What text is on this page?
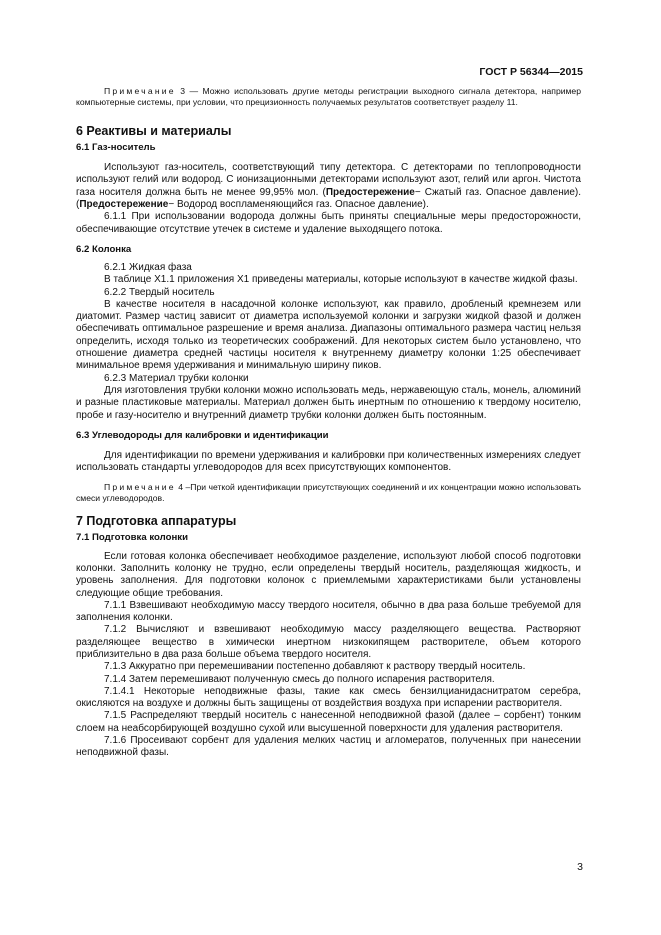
ГОСТ Р 56344—2015

Примечание 3 — Можно использовать другие методы регистрации выходного сигнала детектора, например компьютерные системы, при условии, что прецизионность получаемых результатов соответствует разделу 11.

6 Реактивы и материалы
6.1 Газ-носитель

Используют газ-носитель, соответствующий типу детектора. С детекторами по теплопроводности используют гелий или водород. С ионизационными детекторами используют азот, гелий или аргон. Чистота газа носителя должна быть не менее 99,95% мол. (Предостережение− Сжатый газ. Опасное давление). (Предостережение− Водород воспламеняющийся газ. Опасное давление).

6.1.1 При использовании водорода должны быть приняты специальные меры предосторожности, обеспечивающие отсутствие утечек в системе и удаление выходящего потока.

6.2 Колонка

6.2.1 Жидкая фаза

В таблице Х1.1 приложения Х1 приведены материалы, которые используют в качестве жидкой фазы.

6.2.2 Твердый носитель

В качестве носителя в насадочной колонке используют, как правило, дробленый кремнезем или диатомит. Размер частиц зависит от диаметра используемой колонки и загрузки жидкой фазой и должен обеспечивать оптимальное разрешение и время анализа. Диапазоны оптимального размера частиц нельзя определить, исходя только из теоретических соображений. Для некоторых систем было установлено, что отношение диаметра средней частицы носителя к внутреннему диаметру колонки 1:25 обеспечивает минимальное время удерживания и минимальную ширину пиков.

6.2.3 Материал трубки колонки

Для изготовления трубки колонки можно использовать медь, нержавеющую сталь, монель, алюминий и разные пластиковые материалы. Материал должен быть инертным по отношению к твердому носителю, пробе и газу-носителю и внутренний диаметр трубки колонки должен быть постоянным.

6.3 Углеводороды для калибровки и идентификации

Для идентификации по времени удерживания и калибровки при количественных измерениях следует использовать стандарты углеводородов для всех присутствующих компонентов.

Примечание 4 –При четкой идентификации присутствующих соединений и их концентрации можно использовать смеси углеводородов.

7 Подготовка аппаратуры
7.1 Подготовка колонки

Если готовая колонка обеспечивает необходимое разделение, используют любой способ подготовки колонки. Заполнить колонку не трудно, если определены твердый носитель, разделяющая жидкость, и уровень заполнения. Для подготовки колонок с приемлемыми характеристиками были установлены следующие общие требования.

7.1.1 Взвешивают необходимую массу твердого носителя, обычно в два раза больше требуемой для заполнения колонки.

7.1.2 Вычисляют и взвешивают необходимую массу разделяющего вещества. Растворяют разделяющее вещество в химически инертном низкокипящем растворителе, объем которого приблизительно в два раза больше объема твердого носителя.

7.1.3 Аккуратно при перемешивании постепенно добавляют к раствору твердый носитель.

7.1.4 Затем перемешивают полученную смесь до полного испарения растворителя.

7.1.4.1 Некоторые неподвижные фазы, такие как смесь бензилцианидаснитратом серебра, окисляются на воздухе и должны быть защищены от воздействия воздуха при испарении растворителя.

7.1.5 Распределяют твердый носитель с нанесенной неподвижной фазой (далее – сорбент) тонким слоем на неабсорбирующей воздушно сухой или высушенной поверхности для удаления растворителя.

7.1.6 Просеивают сорбент для удаления мелких частиц и агломератов, полученных при нанесении неподвижной фазы.

3
